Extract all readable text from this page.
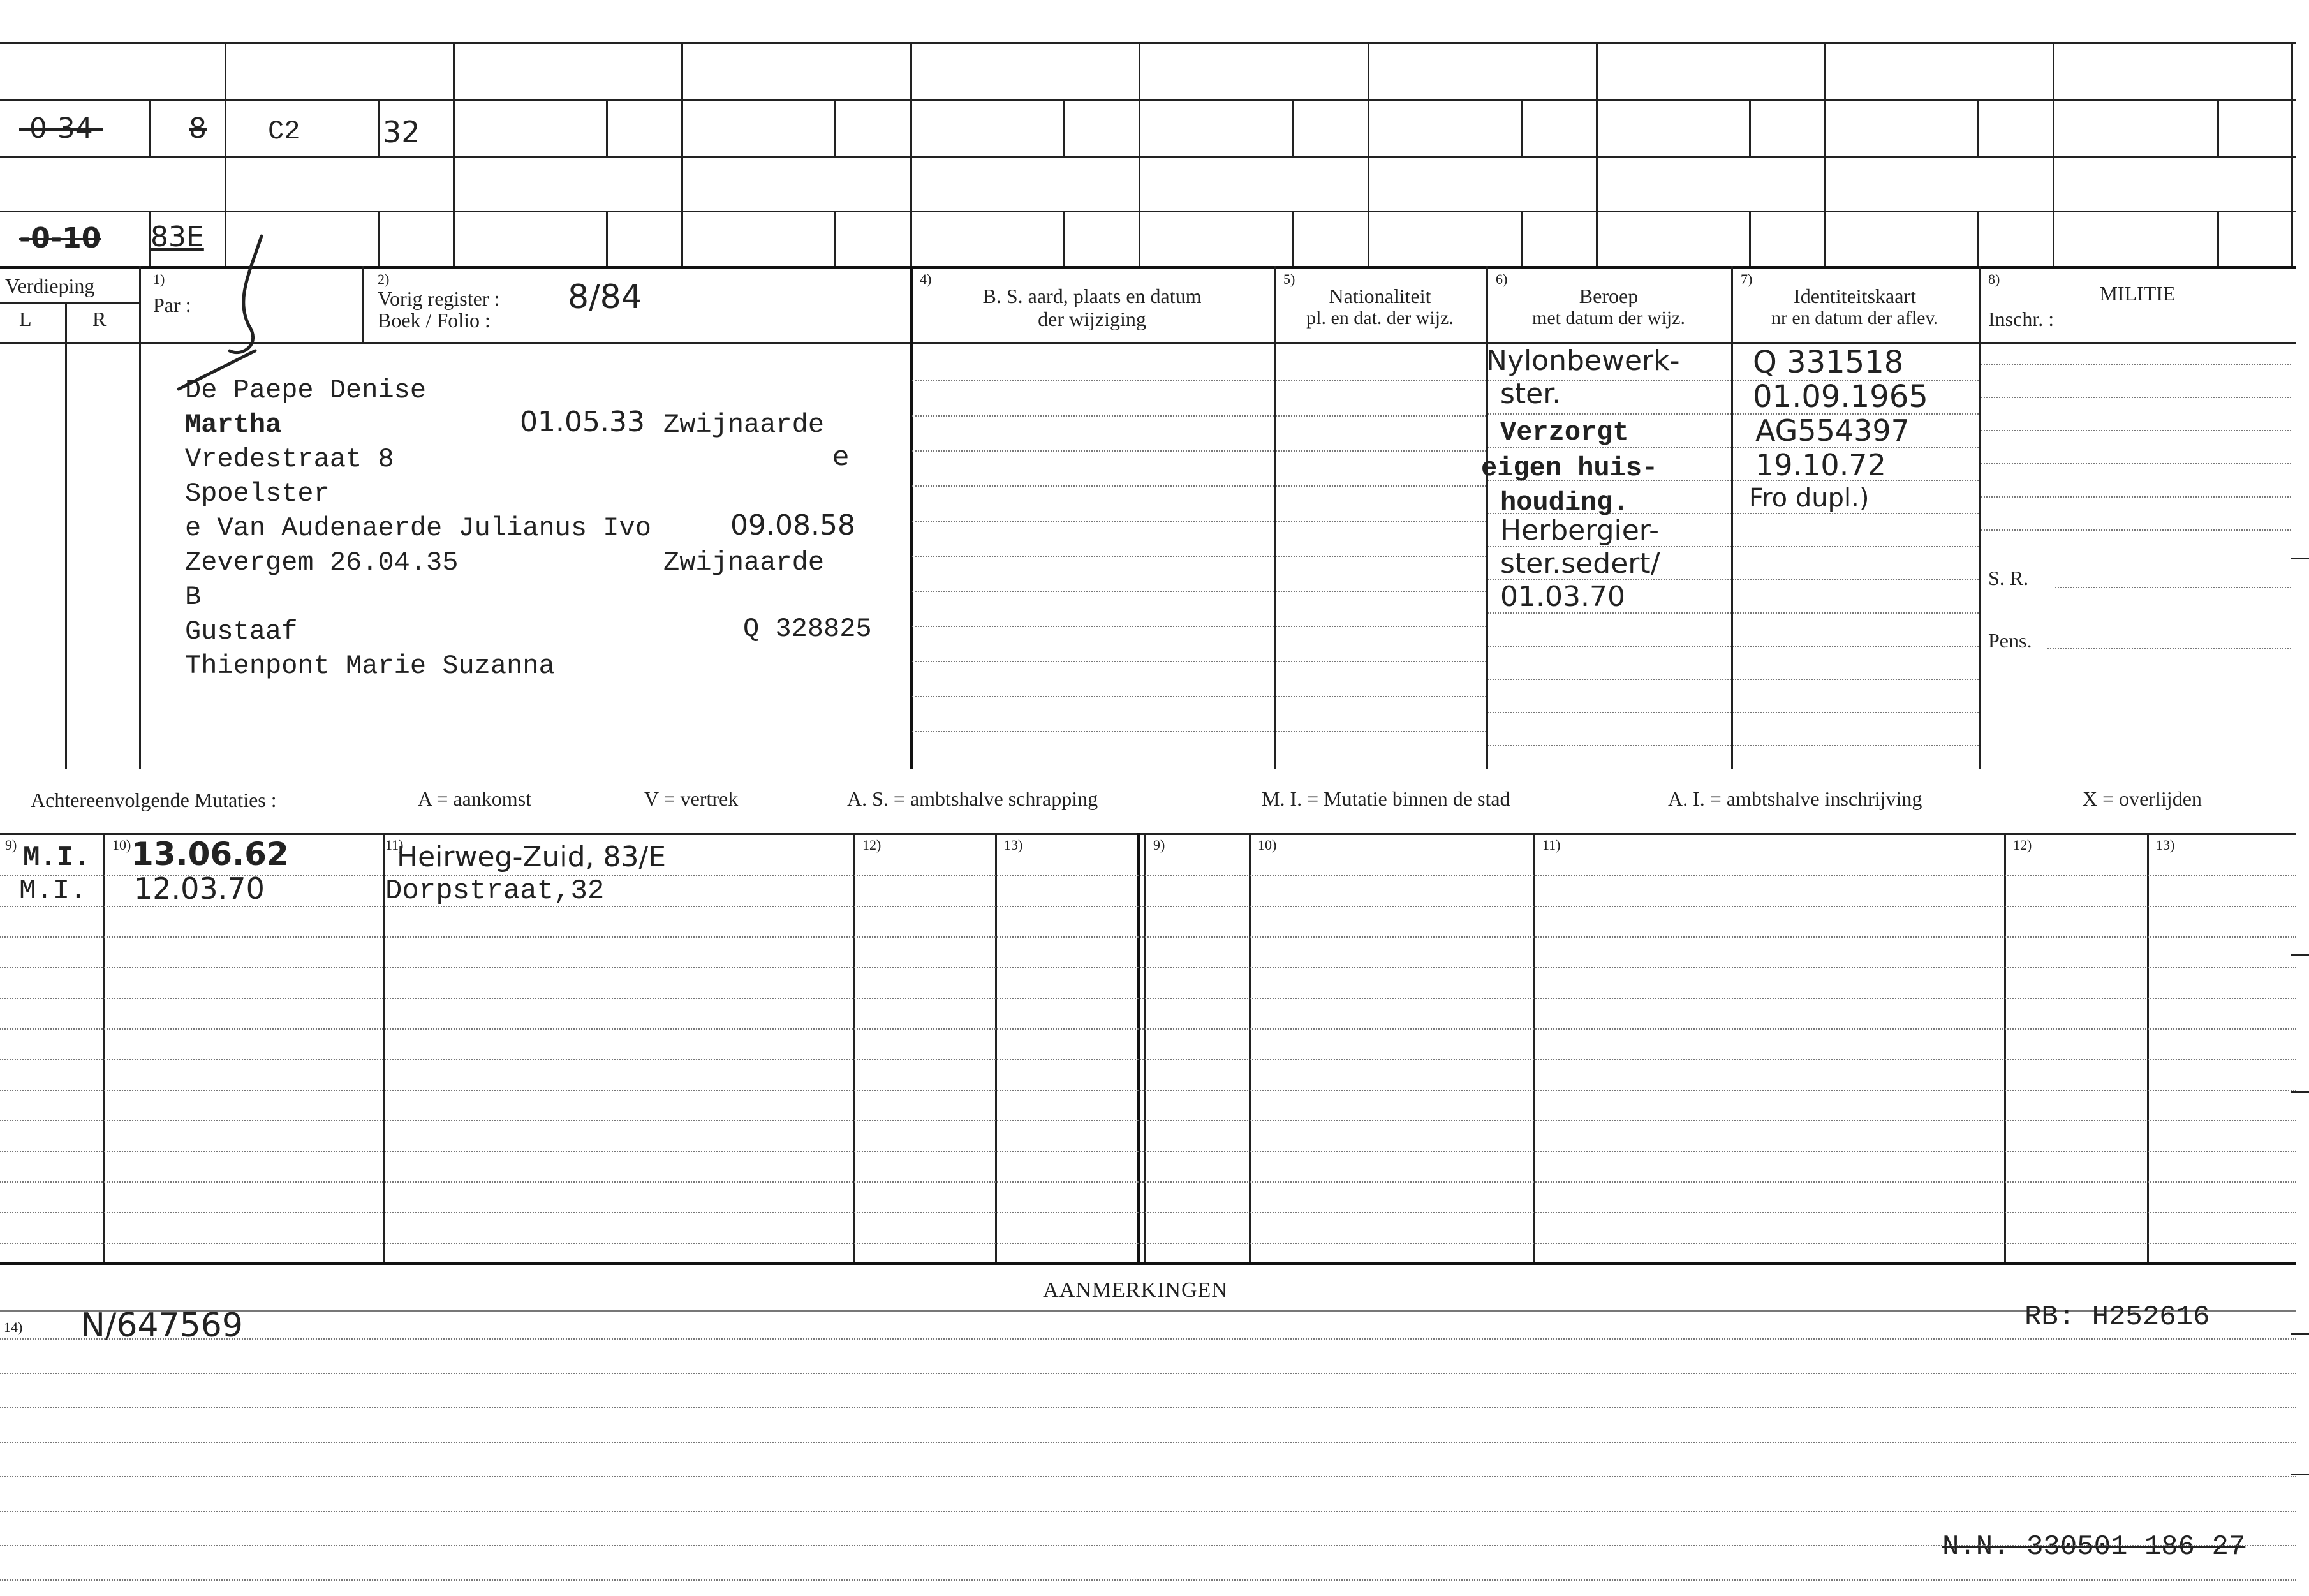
-0-34-	8 C2	32
-0-10 83E
Verdieping
L	R
1)
Par :
2)
Vorig register : 8/84
Boek / Folio :
4)
B. S. aard, plaats en datum
der wijziging
5)
Nationaliteit
pl. en dat. der wijz.
6)
Beroep
met datum der wijz.
7)
Identiteitskaart
nr en datum der aflev.
8)
MILITIE
Inschr. :
De Paepe Denise
Martha	01.05.33 Zwijnaarde
Vredestraat 8	e
Spoelster
e Van Audenaerde Julianus Ivo	09.08.58
Zevergem 26.04.35	Zwijnaarde
B
Gustaaf	Q 328825
Thienpont Marie Suzanna
Nylonbewerk-
ster.
Verzorgt
eigen huis-
houding.
Herbergier-
ster.sedert/
01.03.70
Q 331518
01.09.1965
AG554397
19.10.72
Fro dupl.)
S. R.
Pens.
Achtereenvolgende Mutaties :	A = aankomst	V = vertrek	A. S. = ambtshalve schrapping	M. I. = Mutatie binnen de stad	A. I. = ambtshalve inschrijving	X = overlijden
9)	10)	11)	12)	13)	9)	10)	11)	12)	13)
M.I. 13.06.62	Heirweg-Zuid, 83/E
M.I. 12.03.70	Dorpstraat,32
AANMERKINGEN
14) N/647569	RB: H252616
N.N. 330501 186 27
